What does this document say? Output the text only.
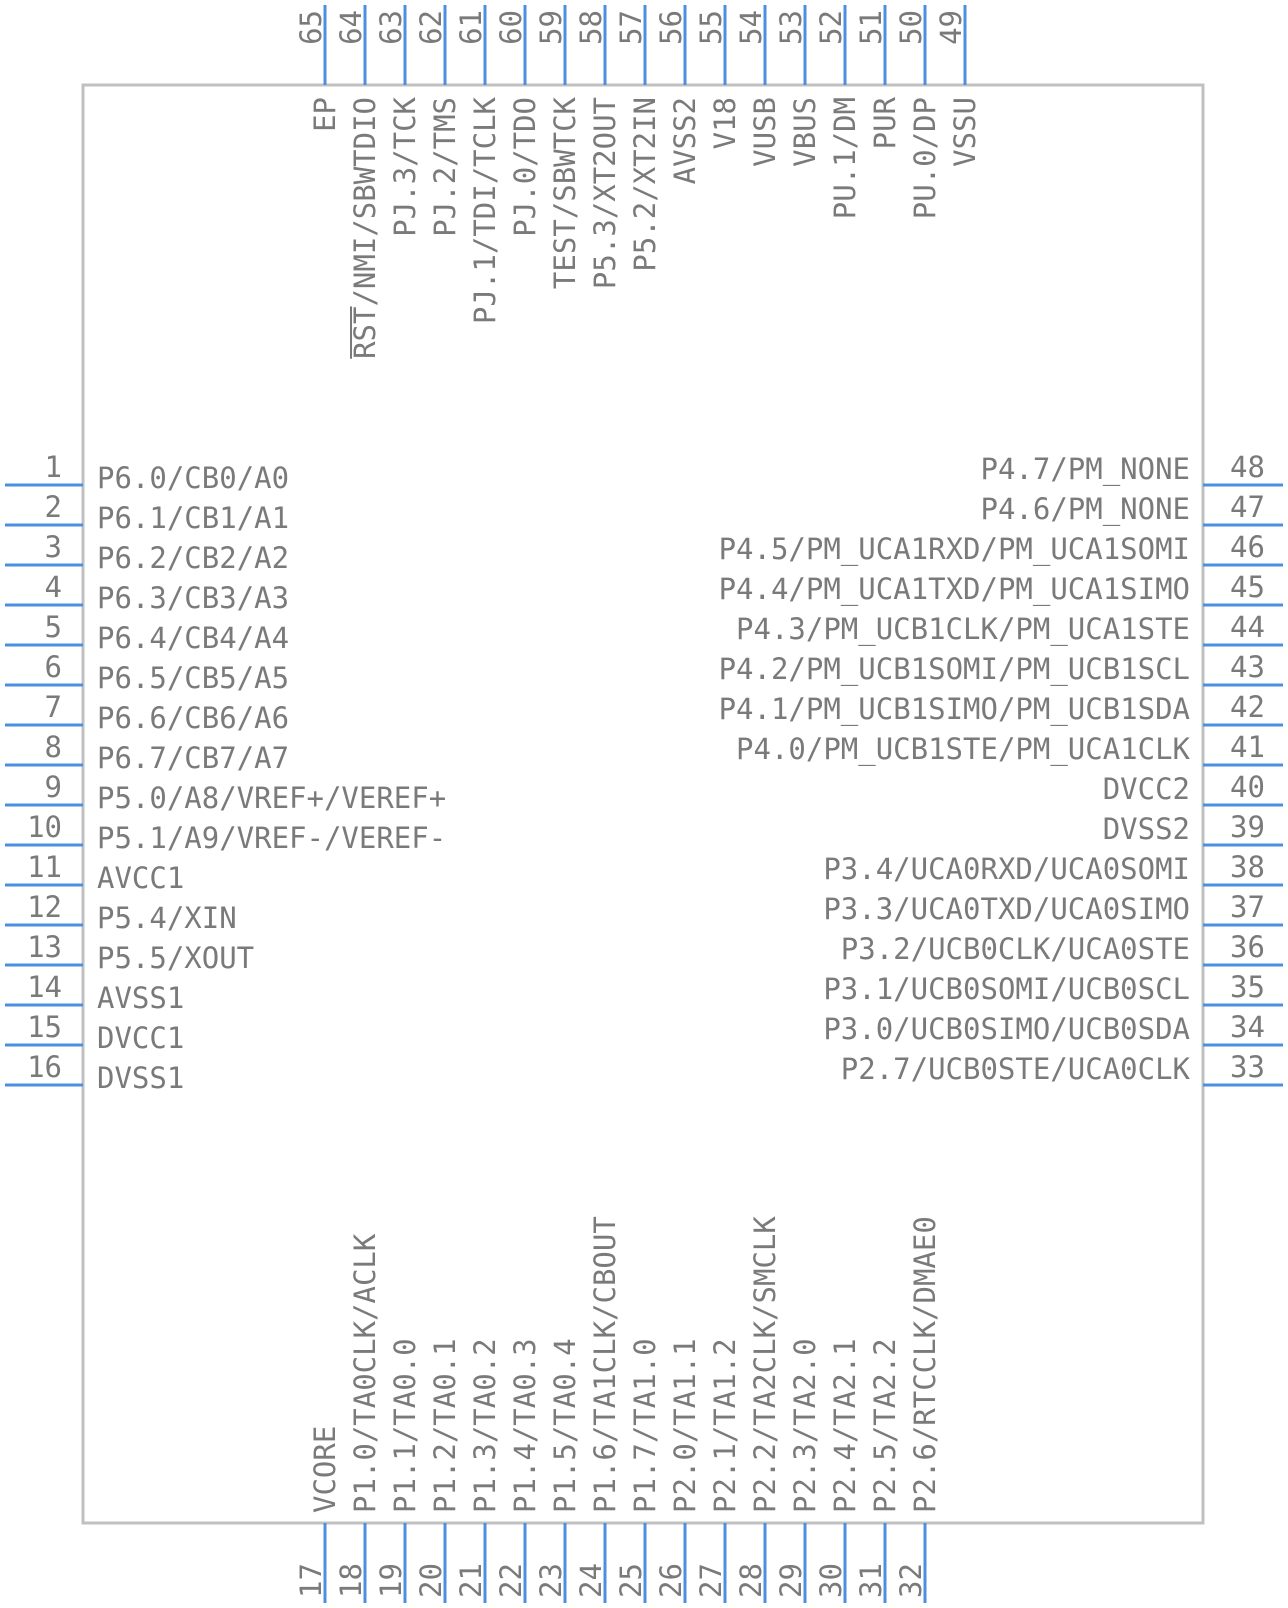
1 P6.0/CB0/A0
2 P6.1/CB1/A1
3 P6.2/CB2/A2
4 P6.3/CB3/A3
5 P6.4/CB4/A4
6 P6.5/CB5/A5
7 P6.6/CB6/A6
8 P6.7/CB7/A7
9 P5.0/A8/VREF+/VEREF+
10 P5.1/A9/VREF-/VEREF-
11 AVCC1
12 P5.4/XIN
13 P5.5/XOUT
14 AVSS1
15 DVCC1
16 DVSS1	33
P2.7/UCB0STE/UCA0CLK
34
P3.0/UCB0SIMO/UCB0SDA
35
P3.1/UCB0SOMI/UCB0SCL
36
P3.2/UCB0CLK/UCA0STE
37
P3.3/UCA0TXD/UCA0SIMO
38
P3.4/UCA0RXD/UCA0SOMI
39
DVSS2
40
DVCC2
41
P4.0/PM_UCB1STE/PM_UCA1CLK
42
P4.1/PM_UCB1SIMO/PM_UCB1SDA
43
P4.2/PM_UCB1SOMI/PM_UCB1SCL
44
P4.3/PM_UCB1CLK/PM_UCA1STE
45
P4.4/PM_UCA1TXD/PM_UCA1SIMO
46
P4.5/PM_UCA1RXD/PM_UCA1SOMI
47
P4.6/PM_NONE
48
P4.7/PM_NONE
17
VCORE
18
P1.0/TA0CLK/ACLK
19
P1.1/TA0.0
20
P1.2/TA0.1
21
P1.3/TA0.2
22
P1.4/TA0.3
23
P1.5/TA0.4
24
P1.6/TA1CLK/CBOUT
25
P1.7/TA1.0
26
P2.0/TA1.1
27
P2.1/TA1.2
28
P2.2/TA2CLK/SMCLK
29
P2.3/TA2.0
30
P2.4/TA2.1
31
P2.5/TA2.2
32
P2.6/RTCCLK/DMAE0
49
VSSU
50
PU.0/DP
51
PUR
52
PU.1/DM
53
VBUS
54
VUSB
55
V18
56
AVSS2
57
P5.2/XT2IN
58
P5.3/XT2OUT
59
TEST/SBWTCK
60
PJ.0/TDO
61
PJ.1/TDI/TCLK
62
PJ.2/TMS
63
PJ.3/TCK
64
RST/NMI/SBWTDIO
65
EP
